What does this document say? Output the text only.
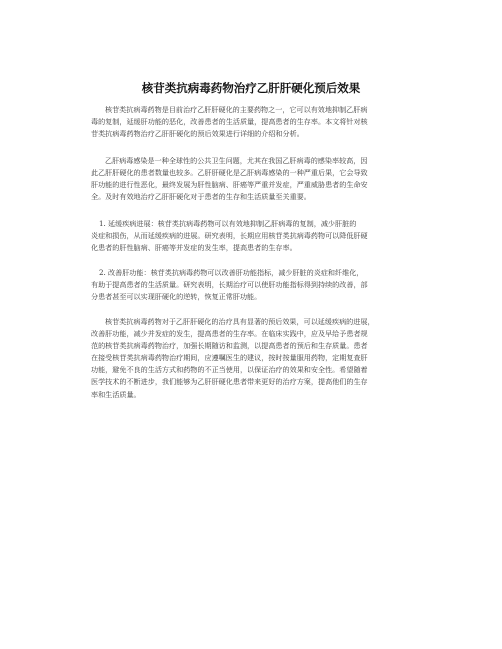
核苷类抗病毒药物治疗乙肝肝硬化预后效果
核苷类抗病毒药物是目前治疗乙肝肝硬化的主要药物之一，它可以有效地抑制乙肝病
毒的复制，延缓肝功能的恶化，改善患者的生活质量，提高患者的生存率。本文将针对核
苷类抗病毒药物治疗乙肝肝硬化的预后效果进行详细的介绍和分析。
乙肝病毒感染是一种全球性的公共卫生问题，尤其在我国乙肝病毒的感染率较高，因
此乙肝肝硬化的患者数量也较多。乙肝肝硬化是乙肝病毒感染的一种严重后果，它会导致
肝功能的进行性恶化，最终发展为肝性脑病、肝癌等严重并发症，严重威胁患者的生命安
全。及时有效地治疗乙肝肝硬化对于患者的生存和生活质量至关重要。
1. 延缓疾病进展：核苷类抗病毒药物可以有效地抑制乙肝病毒的复制，减少肝脏的
炎症和损伤，从而延缓疾病的进展。研究表明，长期应用核苷类抗病毒药物可以降低肝硬
化患者的肝性脑病、肝癌等并发症的发生率，提高患者的生存率。
2. 改善肝功能：核苷类抗病毒药物可以改善肝功能指标，减少肝脏的炎症和纤维化，
有助于提高患者的生活质量。研究表明，长期治疗可以使肝功能指标得到持续的改善，部
分患者甚至可以实现肝硬化的逆转，恢复正常肝功能。
核苷类抗病毒药物对于乙肝肝硬化的治疗具有显著的预后效果，可以延缓疾病的进展，
改善肝功能，减少并发症的发生，提高患者的生存率。在临床实践中，应及早给予患者规
范的核苷类抗病毒药物治疗，加强长期随访和监测，以提高患者的预后和生存质量。患者
在接受核苷类抗病毒药物治疗期间，应遵嘱医生的建议，按时按量服用药物，定期复查肝
功能，避免不良的生活方式和药物的不正当使用，以保证治疗的效果和安全性。希望随着
医学技术的不断进步，我们能够为乙肝肝硬化患者带来更好的治疗方案，提高他们的生存
率和生活质量。
